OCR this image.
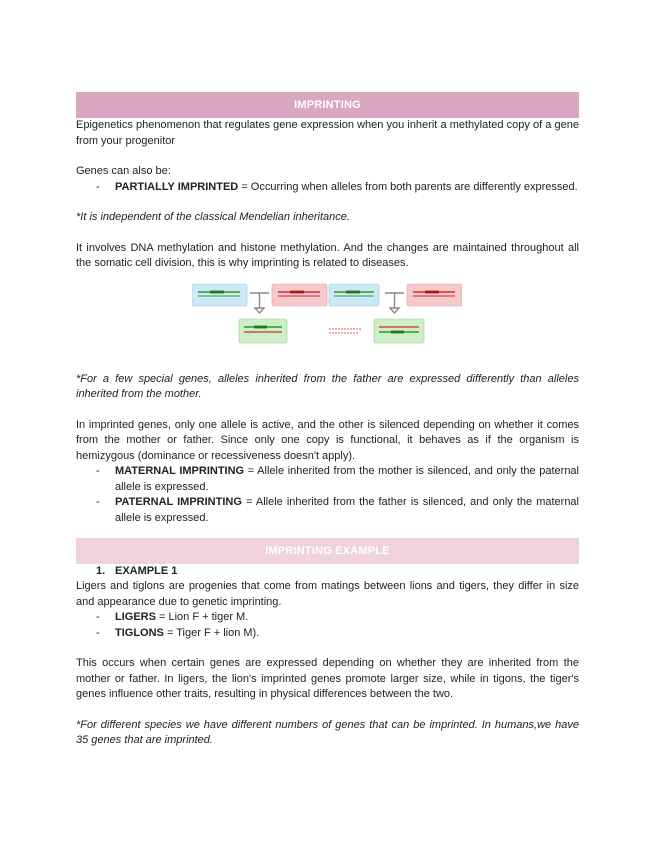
IMPRINTING

Epigenetics phenomenon that regulates gene expression when you inherit a methylated copy of a gene from your progenitor

Genes can also be:

- PARTIALLY IMPRINTED = Occurring when alleles from both parents are differently expressed.

*It is independent of the classical Mendelian inheritance.

It involves DNA methylation and histone methylation. And the changes are maintained throughout all the somatic cell division, this is why imprinting is related to diseases.

*For a few special genes, alleles inherited from the father are expressed differently than alleles inherited from the mother.

In imprinted genes, only one allele is active, and the other is silenced depending on whether it comes from the mother or father. Since only one copy is functional, it behaves as if the organism is hemizygous (dominance or recessiveness doesn't apply).

- MATERNAL IMPRINTING = Allele inherited from the mother is silenced, and only the paternal allele is expressed.
- PATERNAL IMPRINTING = Allele inherited from the father is silenced, and only the maternal allele is expressed.
IMPRINTING EXAMPLE
1. EXAMPLE 1

Ligers and tiglons are progenies that come from matings between lions and tigers, they differ in size and appearance due to genetic imprinting.

- LIGERS = Lion F + tiger M.
- TIGLONS = Tiger F + lion M).

This occurs when certain genes are expressed depending on whether they are inherited from the mother or father. In ligers, the lion's imprinted genes promote larger size, while in tigons, the tiger's genes influence other traits, resulting in physical differences between the two.

*For different species we have different numbers of genes that can be imprinted. In humans,we have 35 genes that are imprinted.
